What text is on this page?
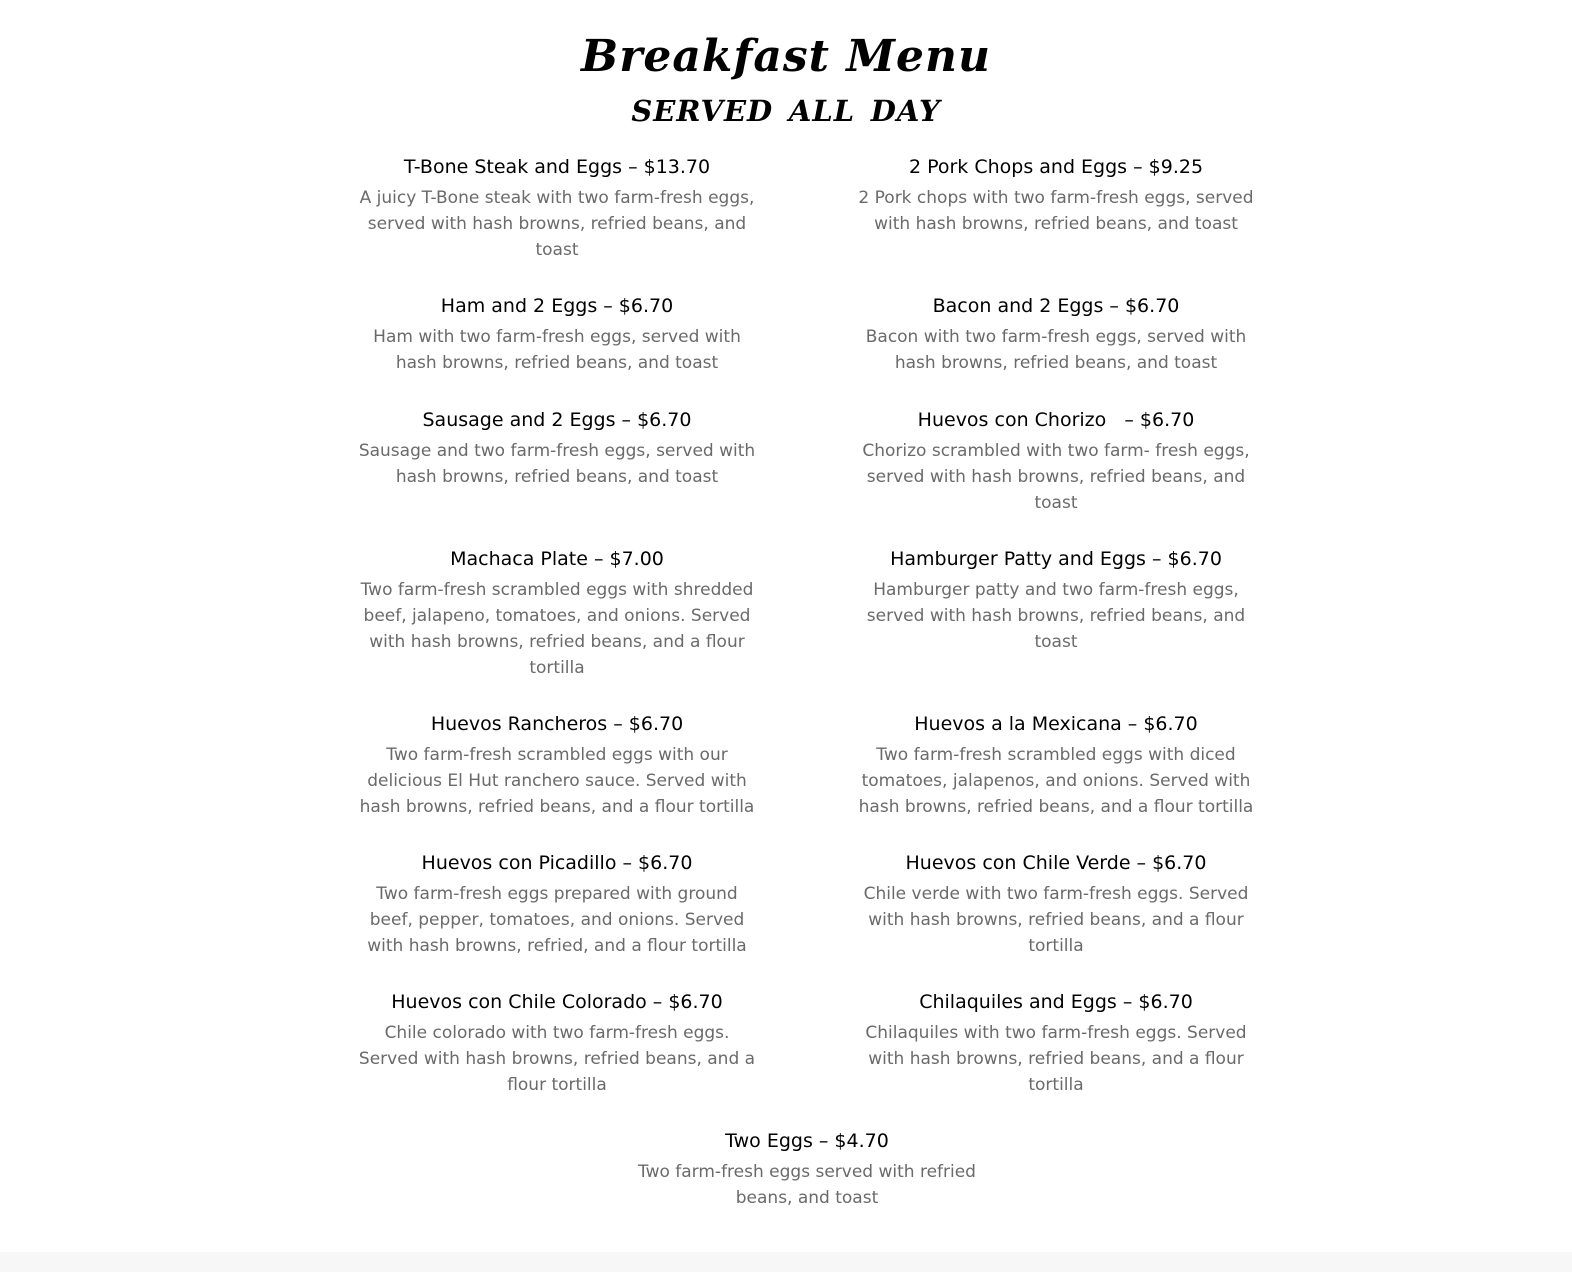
Breakfast Menu
served all day
T-Bone Steak and Eggs – $13.70
A juicy T-Bone steak with two farm-fresh eggs, served with hash browns, refried beans, and toast
2 Pork Chops and Eggs – $9.25
2 Pork chops with two farm-fresh eggs, served with hash browns, refried beans, and toast
Ham and 2 Eggs – $6.70
Ham with two farm-fresh eggs, served with hash browns, refried beans, and toast
Bacon and 2 Eggs – $6.70
Bacon with two farm-fresh eggs, served with hash browns, refried beans, and toast
Sausage and 2 Eggs – $6.70
Sausage and two farm-fresh eggs, served with hash browns, refried beans, and toast
Huevos con Chorizo   – $6.70
Chorizo scrambled with two farm- fresh eggs, served with hash browns, refried beans, and toast
Machaca Plate – $7.00
Two farm-fresh scrambled eggs with shredded beef, jalapeno, tomatoes, and onions. Served with hash browns, refried beans, and a flour tortilla
Hamburger Patty and Eggs – $6.70
Hamburger patty and two farm-fresh eggs, served with hash browns, refried beans, and toast
Huevos Rancheros – $6.70
Two farm-fresh scrambled eggs with our delicious El Hut ranchero sauce. Served with hash browns, refried beans, and a flour tortilla
Huevos a la Mexicana – $6.70
Two farm-fresh scrambled eggs with diced tomatoes, jalapenos, and onions. Served with hash browns, refried beans, and a flour tortilla
Huevos con Picadillo – $6.70
Two farm-fresh eggs prepared with ground beef, pepper, tomatoes, and onions. Served with hash browns, refried, and a flour tortilla
Huevos con Chile Verde – $6.70
Chile verde with two farm-fresh eggs. Served with hash browns, refried beans, and a flour tortilla
Huevos con Chile Colorado – $6.70
Chile colorado with two farm-fresh eggs. Served with hash browns, refried beans, and a flour tortilla
Chilaquiles and Eggs – $6.70
Chilaquiles with two farm-fresh eggs. Served with hash browns, refried beans, and a flour tortilla
Two Eggs – $4.70
Two farm-fresh eggs served with refried beans, and toast
